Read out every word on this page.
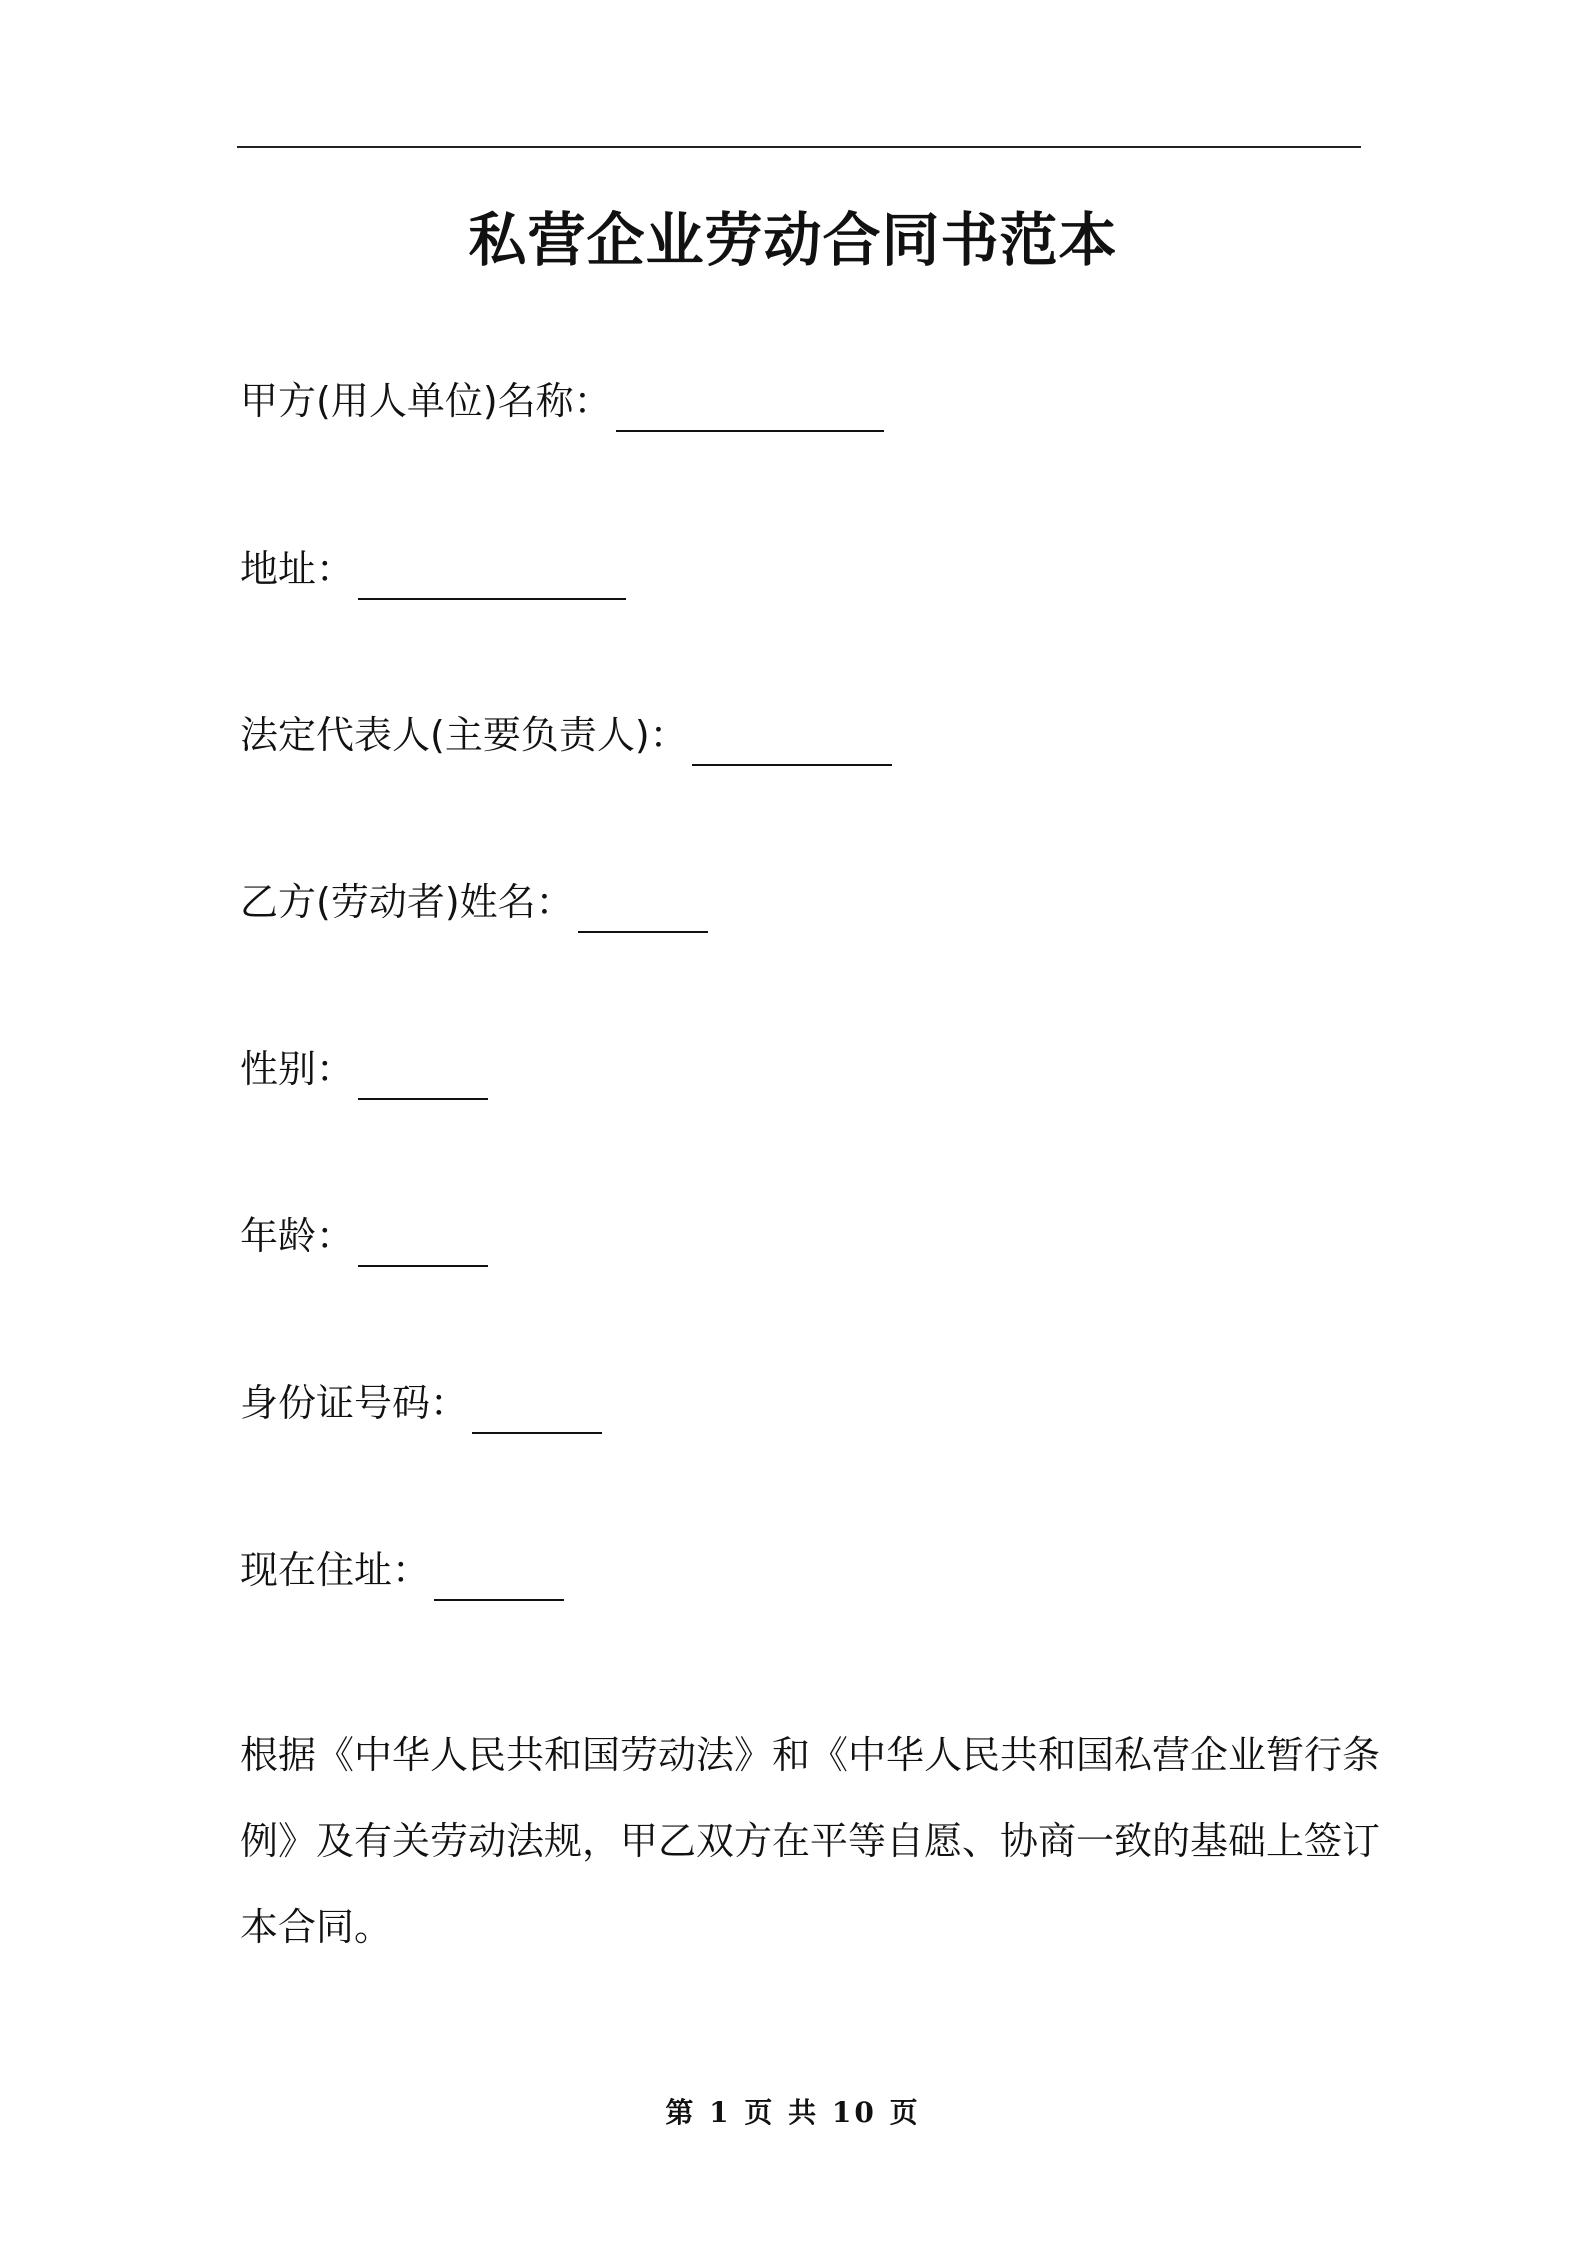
私营企业劳动合同书范本
甲方(用人单位)名称：
地址：
法定代表人(主要负责人)：
乙方(劳动者)姓名：
性别：
年龄：
身份证号码：
现在住址：
根据《中华人民共和国劳动法》和《中华人民共和国私营企业暂行条
例》及有关劳动法规，甲乙双方在平等自愿、协商一致的基础上签订
本合同。
第 1 页 共 10 页
